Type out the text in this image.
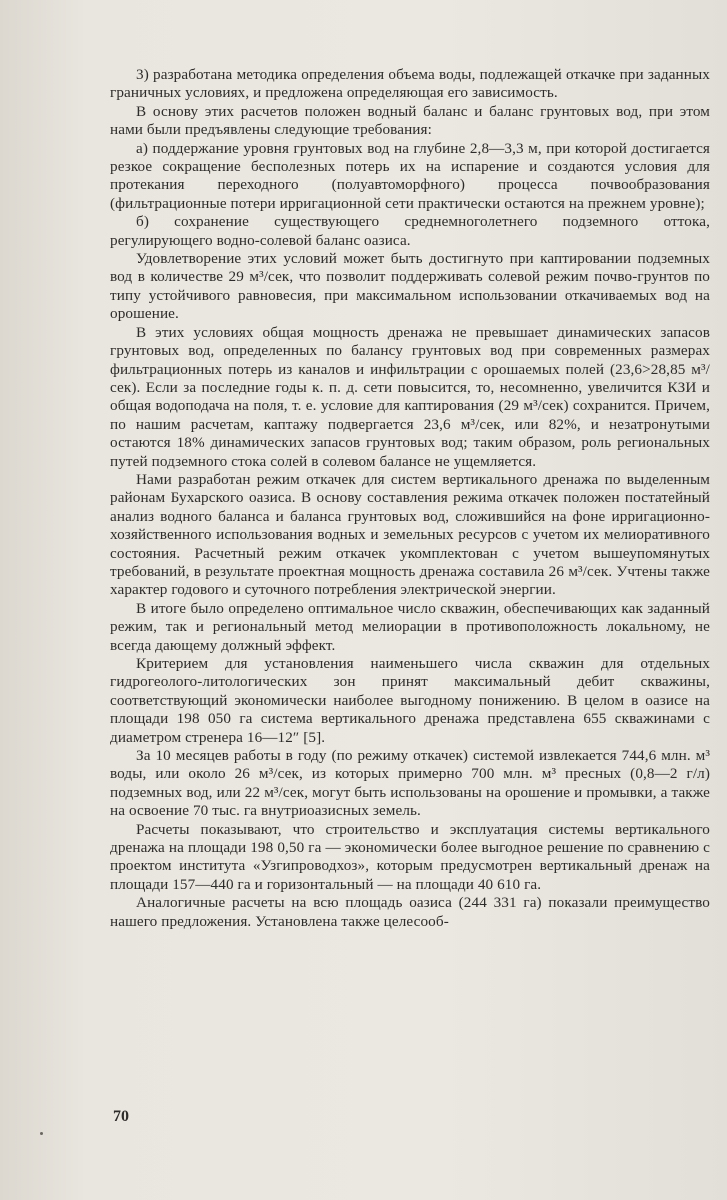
3) разработана методика определения объема воды, подлежащей откачке при заданных граничных условиях, и предложена определяющая его зависимость.

В основу этих расчетов положен водный баланс и баланс грунтовых вод, при этом нами были предъявлены следующие требования:

а) поддержание уровня грунтовых вод на глубине 2,8—3,3 м, при которой достигается резкое сокращение бесполезных потерь их на испарение и создаются условия для протекания переходного (полуавтоморфного) процесса почвообразования (фильтрационные потери ирригационной сети практически остаются на прежнем уровне);

б) сохранение существующего среднемноголетнего подземного оттока, регулирующего водно-солевой баланс оазиса.

Удовлетворение этих условий может быть достигнуто при каптировании подземных вод в количестве 29 м³/сек, что позволит поддерживать солевой режим почво-грунтов по типу устойчивого равновесия, при максимальном использовании откачиваемых вод на орошение.

В этих условиях общая мощность дренажа не превышает динамических запасов грунтовых вод, определенных по балансу грунтовых вод при современных размерах фильтрационных потерь из каналов и инфильтрации с орошаемых полей (23,6>28,85 м³/сек). Если за последние годы к. п. д. сети повысится, то, несомненно, увеличится КЗИ и общая водоподача на поля, т. е. условие для каптирования (29 м³/сек) сохранится. Причем, по нашим расчетам, каптажу подвергается 23,6 м³/сек, или 82%, и незатронутыми остаются 18% динамических запасов грунтовых вод; таким образом, роль региональных путей подземного стока солей в солевом балансе не ущемляется.

Нами разработан режим откачек для систем вертикального дренажа по выделенным районам Бухарского оазиса. В основу составления режима откачек положен постатейный анализ водного баланса и баланса грунтовых вод, сложившийся на фоне ирригационно-хозяйственного использования водных и земельных ресурсов с учетом их мелиоративного состояния. Расчетный режим откачек укомплектован с учетом вышеупомянутых требований, в результате проектная мощность дренажа составила 26 м³/сек. Учтены также характер годового и суточного потребления электрической энергии.

В итоге было определено оптимальное число скважин, обеспечивающих как заданный режим, так и региональный метод мелиорации в противоположность локальному, не всегда дающему должный эффект.

Критерием для установления наименьшего числа скважин для отдельных гидрогеолого-литологических зон принят максимальный дебит скважины, соответствующий экономически наиболее выгодному понижению. В целом в оазисе на площади 198 050 га система вертикального дренажа представлена 655 скважинами с диаметром стренера 16—12″ [5].

За 10 месяцев работы в году (по режиму откачек) системой извлекается 744,6 млн. м³ воды, или около 26 м³/сек, из которых примерно 700 млн. м³ пресных (0,8—2 г/л) подземных вод, или 22 м³/сек, могут быть использованы на орошение и промывки, а также на освоение 70 тыс. га внутриоазисных земель.

Расчеты показывают, что строительство и эксплуатация системы вертикального дренажа на площади 198 0,50 га — экономически более выгодное решение по сравнению с проектом института «Узгипроводхоз», которым предусмотрен вертикальный дренаж на площади 157—440 га и горизонтальный — на площади 40 610 га.

Аналогичные расчеты на всю площадь оазиса (244 331 га) показали преимущество нашего предложения. Установлена также целесооб-

70
